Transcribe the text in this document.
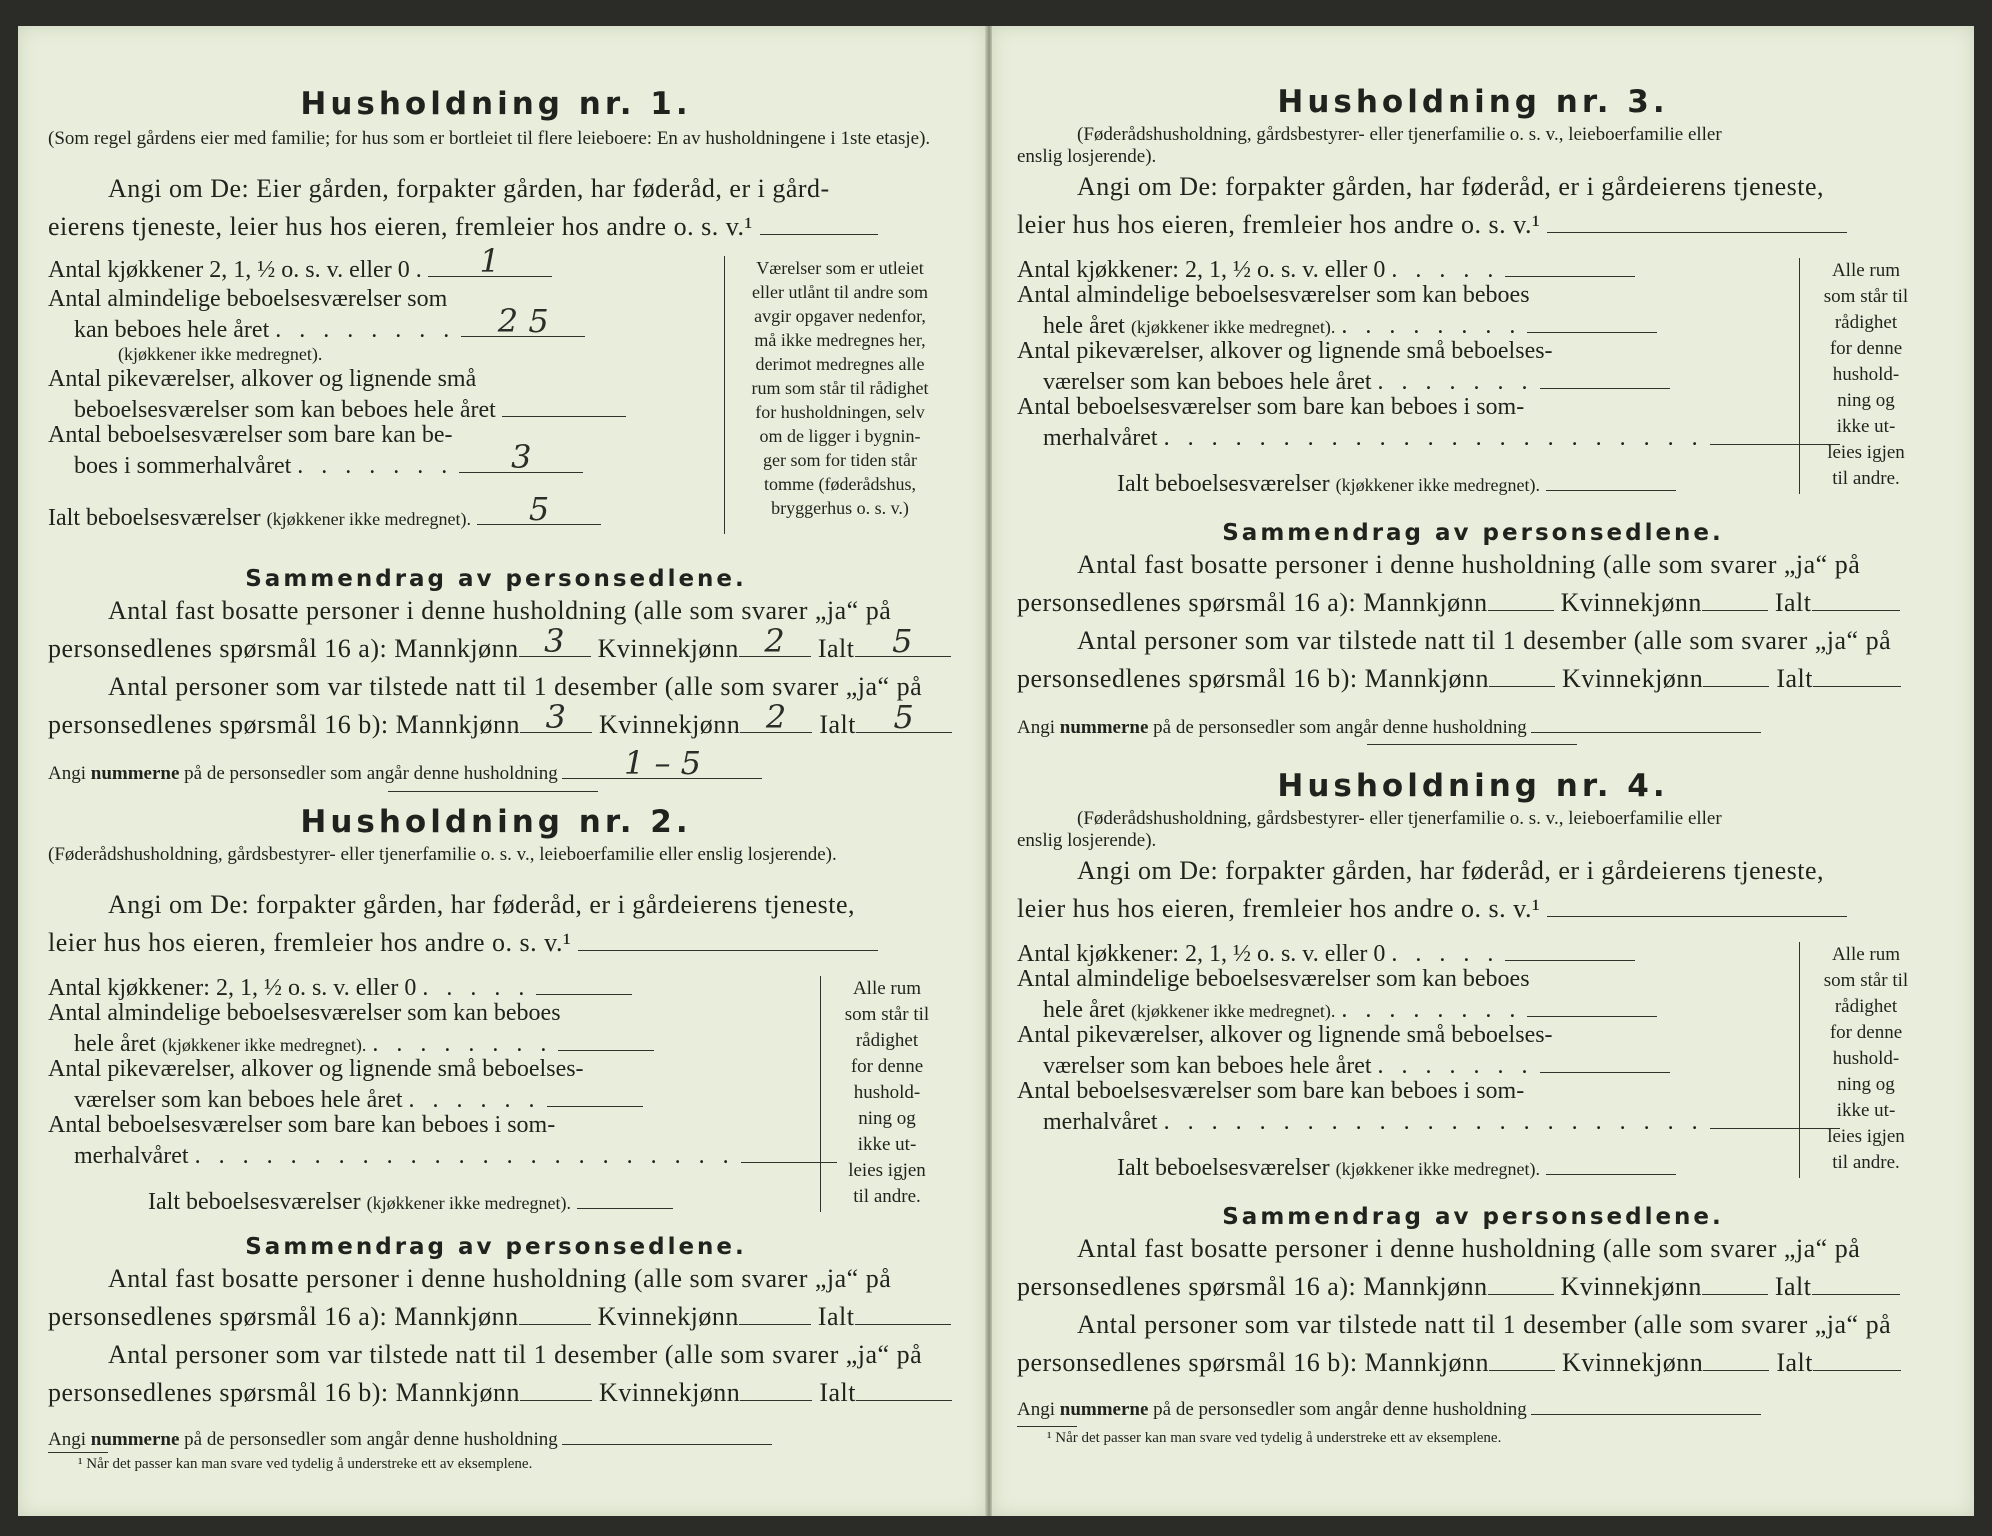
Husholdning nr. 1.
(Som regel gårdens eier med familie; for hus som er bortleiet til flere leieboere: En av husholdningene i 1ste etasje).
Angi om De: Eier gården, forpakter gården, har føderåd, er i gård-
eierens tjeneste, leier hus hos eieren, fremleier hos andre o. s. v.¹
Antal kjøkkener 2, 1, ½ o. s. v. eller 0 . 1
Antal almindelige beboelsesværelser som
kan beboes hele året . . . . . . . . 2 5
(kjøkkener ikke medregnet).
Antal pikeværelser, alkover og lignende små
beboelsesværelser som kan beboes hele året
Antal beboelsesværelser som bare kan be-
boes i sommerhalvåret . . . . . . . 3
Ialt beboelsesværelser (kjøkkener ikke medregnet). 5
Værelser som er utleiet
eller utlånt til andre som
avgir opgaver nedenfor,
må ikke medregnes her,
derimot medregnes alle
rum som står til rådighet
for husholdningen, selv
om de ligger i bygnin-
ger som for tiden står
tomme (føderådshus,
bryggerhus o. s. v.)
Sammendrag av personsedlene.
Antal fast bosatte personer i denne husholdning (alle som svarer „ja“ på
personsedlenes spørsmål 16 a): Mannkjønn 3 Kvinnekjønn 2 Ialt 5
Antal personer som var tilstede natt til 1 desember (alle som svarer „ja“ på
personsedlenes spørsmål 16 b): Mannkjønn 3 Kvinnekjønn 2 Ialt 5
Angi nummerne på de personsedler som angår denne husholdning 1 – 5
Husholdning nr. 2.
(Føderådshusholdning, gårdsbestyrer- eller tjenerfamilie o. s. v., leieboerfamilie eller enslig losjerende).
Angi om De: forpakter gården, har føderåd, er i gårdeierens tjeneste,
leier hus hos eieren, fremleier hos andre o. s. v.¹
Antal kjøkkener: 2, 1, ½ o. s. v. eller 0 . . . . .
Antal almindelige beboelsesværelser som kan beboes
hele året (kjøkkener ikke medregnet). . . . . . . . .
Antal pikeværelser, alkover og lignende små beboelses-
værelser som kan beboes hele året . . . . . .
Antal beboelsesværelser som bare kan beboes i som-
merhalvåret . . . . . . . . . . . . . . . . . . . . . . .
Ialt beboelsesværelser (kjøkkener ikke medregnet).
Alle rum
som står til
rådighet
for denne
hushold-
ning og
ikke ut-
leies igjen
til andre.
Sammendrag av personsedlene.
Antal fast bosatte personer i denne husholdning (alle som svarer „ja“ på
personsedlenes spørsmål 16 a): Mannkjønn	Kvinnekjønn	Ialt
Antal personer som var tilstede natt til 1 desember (alle som svarer „ja“ på
personsedlenes spørsmål 16 b): Mannkjønn	Kvinnekjønn	Ialt
Angi nummerne på de personsedler som angår denne husholdning
¹ Når det passer kan man svare ved tydelig å understreke ett av eksemplene.
Husholdning nr. 3.
(Føderådshusholdning, gårdsbestyrer- eller tjenerfamilie o. s. v., leieboerfamilie eller
enslig losjerende).
Angi om De: forpakter gården, har føderåd, er i gårdeierens tjeneste,
leier hus hos eieren, fremleier hos andre o. s. v.¹
Antal kjøkkener: 2, 1, ½ o. s. v. eller 0 . . . . .
Antal almindelige beboelsesværelser som kan beboes
hele året (kjøkkener ikke medregnet). . . . . . . . .
Antal pikeværelser, alkover og lignende små beboelses-
værelser som kan beboes hele året . . . . . . .
Antal beboelsesværelser som bare kan beboes i som-
merhalvåret . . . . . . . . . . . . . . . . . . . . . . .
Ialt beboelsesværelser (kjøkkener ikke medregnet).
Alle rum
som står til
rådighet
for denne
hushold-
ning og
ikke ut-
leies igjen
til andre.
Sammendrag av personsedlene.
Antal fast bosatte personer i denne husholdning (alle som svarer „ja“ på
personsedlenes spørsmål 16 a): Mannkjønn	Kvinnekjønn	Ialt
Antal personer som var tilstede natt til 1 desember (alle som svarer „ja“ på
personsedlenes spørsmål 16 b): Mannkjønn	Kvinnekjønn	Ialt
Angi nummerne på de personsedler som angår denne husholdning
Husholdning nr. 4.
(Føderådshusholdning, gårdsbestyrer- eller tjenerfamilie o. s. v., leieboerfamilie eller
enslig losjerende).
Angi om De: forpakter gården, har føderåd, er i gårdeierens tjeneste,
leier hus hos eieren, fremleier hos andre o. s. v.¹
Antal kjøkkener: 2, 1, ½ o. s. v. eller 0 . . . . .
Antal almindelige beboelsesværelser som kan beboes
hele året (kjøkkener ikke medregnet). . . . . . . . .
Antal pikeværelser, alkover og lignende små beboelses-
værelser som kan beboes hele året . . . . . . .
Antal beboelsesværelser som bare kan beboes i som-
merhalvåret . . . . . . . . . . . . . . . . . . . . . . .
Ialt beboelsesværelser (kjøkkener ikke medregnet).
Alle rum
som står til
rådighet
for denne
hushold-
ning og
ikke ut-
leies igjen
til andre.
Sammendrag av personsedlene.
Antal fast bosatte personer i denne husholdning (alle som svarer „ja“ på
personsedlenes spørsmål 16 a): Mannkjønn	Kvinnekjønn	Ialt
Antal personer som var tilstede natt til 1 desember (alle som svarer „ja“ på
personsedlenes spørsmål 16 b): Mannkjønn	Kvinnekjønn	Ialt
Angi nummerne på de personsedler som angår denne husholdning
¹ Når det passer kan man svare ved tydelig å understreke ett av eksemplene.
